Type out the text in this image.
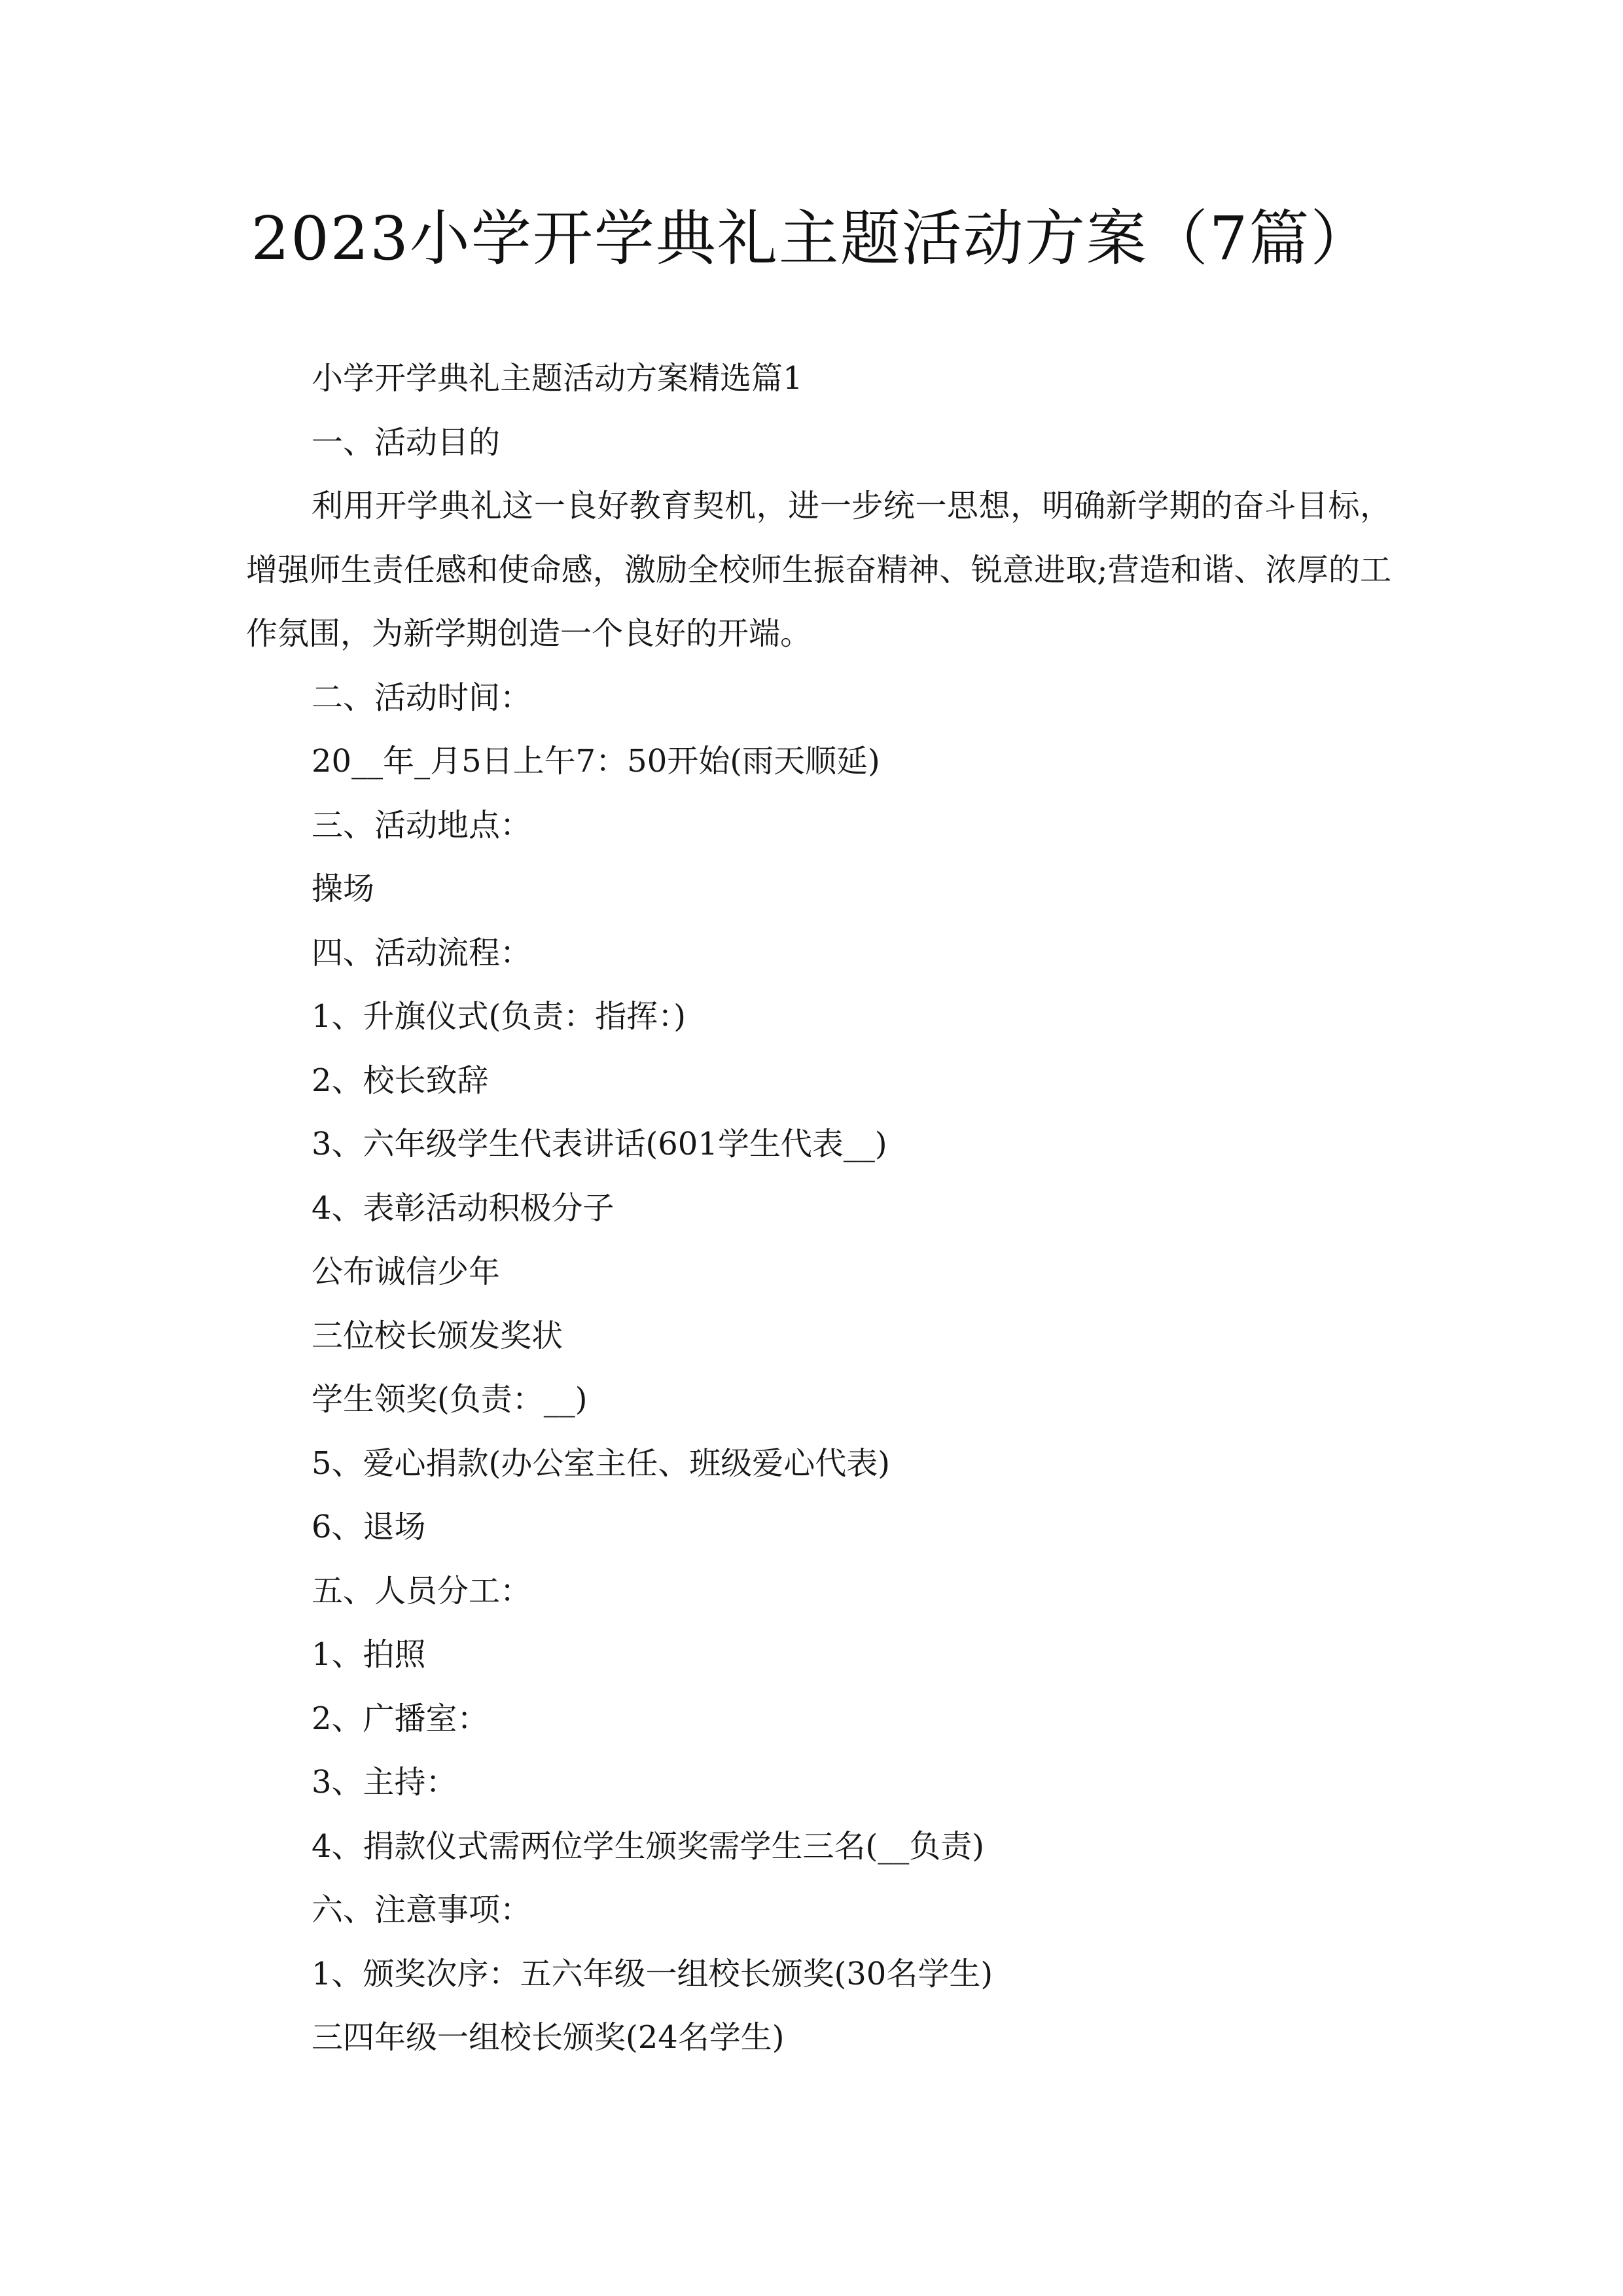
2023小学开学典礼主题活动方案（7篇）
小学开学典礼主题活动方案精选篇1
一、活动目的

利用开学典礼这一良好教育契机，进一步统一思想，明确新学期的奋斗目标，增强师生责任感和使命感，激励全校师生振奋精神、锐意进取;营造和谐、浓厚的工作氛围，为新学期创造一个良好的开端。

二、活动时间：
20__年_月5日上午7：50开始(雨天顺延)
三、活动地点：
操场
四、活动流程：
1、升旗仪式(负责：指挥：)
2、校长致辞
3、六年级学生代表讲话(601学生代表__)
4、表彰活动积极分子
公布诚信少年
三位校长颁发奖状
学生领奖(负责：__)
5、爱心捐款(办公室主任、班级爱心代表)
6、退场
五、人员分工：
1、拍照
2、广播室：
3、主持：
4、捐款仪式需两位学生颁奖需学生三名(__负责)
六、注意事项：
1、颁奖次序：五六年级一组校长颁奖(30名学生)
三四年级一组校长颁奖(24名学生)
